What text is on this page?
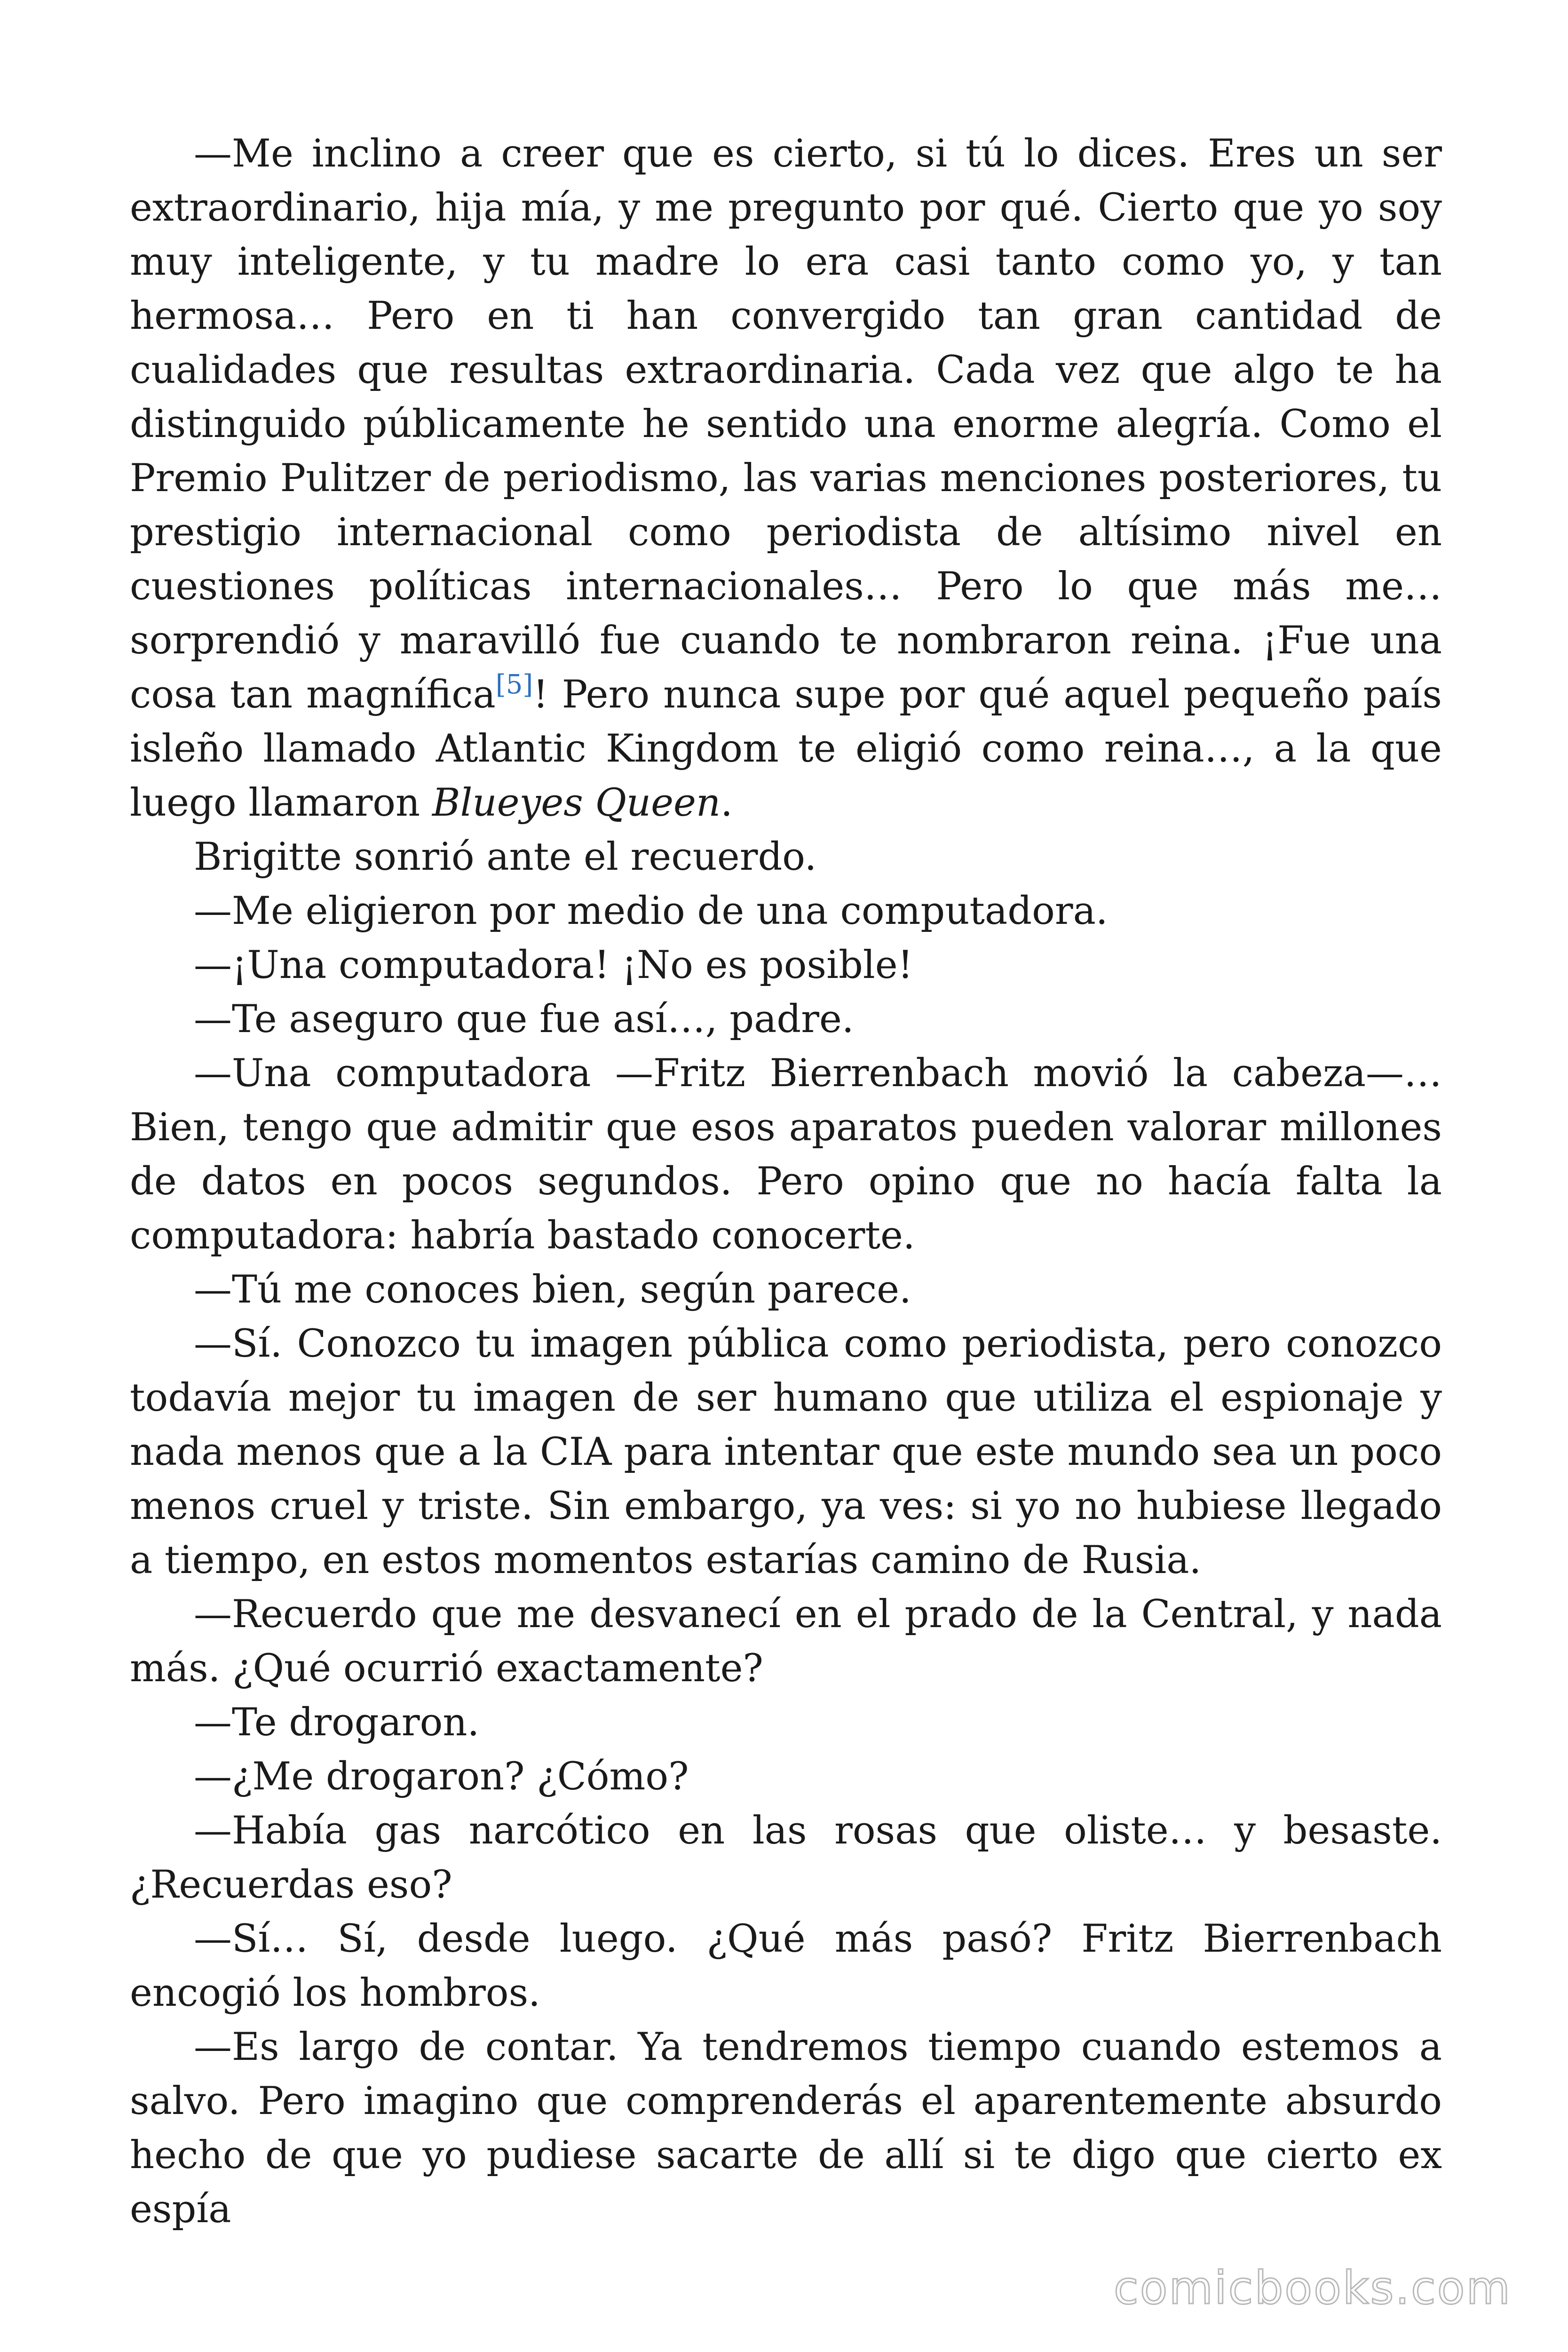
—Me inclino a creer que es cierto, si tú lo dices. Eres un ser extraordinario, hija mía, y me pregunto por qué. Cierto que yo soy muy inteligente, y tu madre lo era casi tanto como yo, y tan hermosa… Pero en ti han convergido tan gran cantidad de cualidades que resultas extraordinaria. Cada vez que algo te ha distinguido públicamente he sentido una enorme alegría. Como el Premio Pulitzer de periodismo, las varias menciones posteriores, tu prestigio internacional como periodista de altísimo nivel en cuestiones políticas internacionales… Pero lo que más me… sorprendió y maravilló fue cuando te nombraron reina. ¡Fue una cosa tan magnífica[5]! Pero nunca supe por qué aquel pequeño país isleño llamado Atlantic Kingdom te eligió como reina…, a la que luego llamaron Blueyes Queen.

Brigitte sonrió ante el recuerdo.

—Me eligieron por medio de una computadora.

—¡Una computadora! ¡No es posible!

—Te aseguro que fue así…, padre.

—Una computadora —Fritz Bierrenbach movió la cabeza—… Bien, tengo que admitir que esos aparatos pueden valorar millones de datos en pocos segundos. Pero opino que no hacía falta la computadora: habría bastado conocerte.

—Tú me conoces bien, según parece.

—Sí. Conozco tu imagen pública como periodista, pero conozco todavía mejor tu imagen de ser humano que utiliza el espionaje y nada menos que a la CIA para intentar que este mundo sea un poco menos cruel y triste. Sin embargo, ya ves: si yo no hubiese llegado a tiempo, en estos momentos estarías camino de Rusia.

—Recuerdo que me desvanecí en el prado de la Central, y nada más. ¿Qué ocurrió exactamente?

—Te drogaron.

—¿Me drogaron? ¿Cómo?

—Había gas narcótico en las rosas que oliste… y besaste. ¿Recuerdas eso?

—Sí… Sí, desde luego. ¿Qué más pasó? Fritz Bierrenbach encogió los hombros.

—Es largo de contar. Ya tendremos tiempo cuando estemos a salvo. Pero imagino que comprenderás el aparentemente absurdo hecho de que yo pudiese sacarte de allí si te digo que cierto ex espía

comicbooks.com
